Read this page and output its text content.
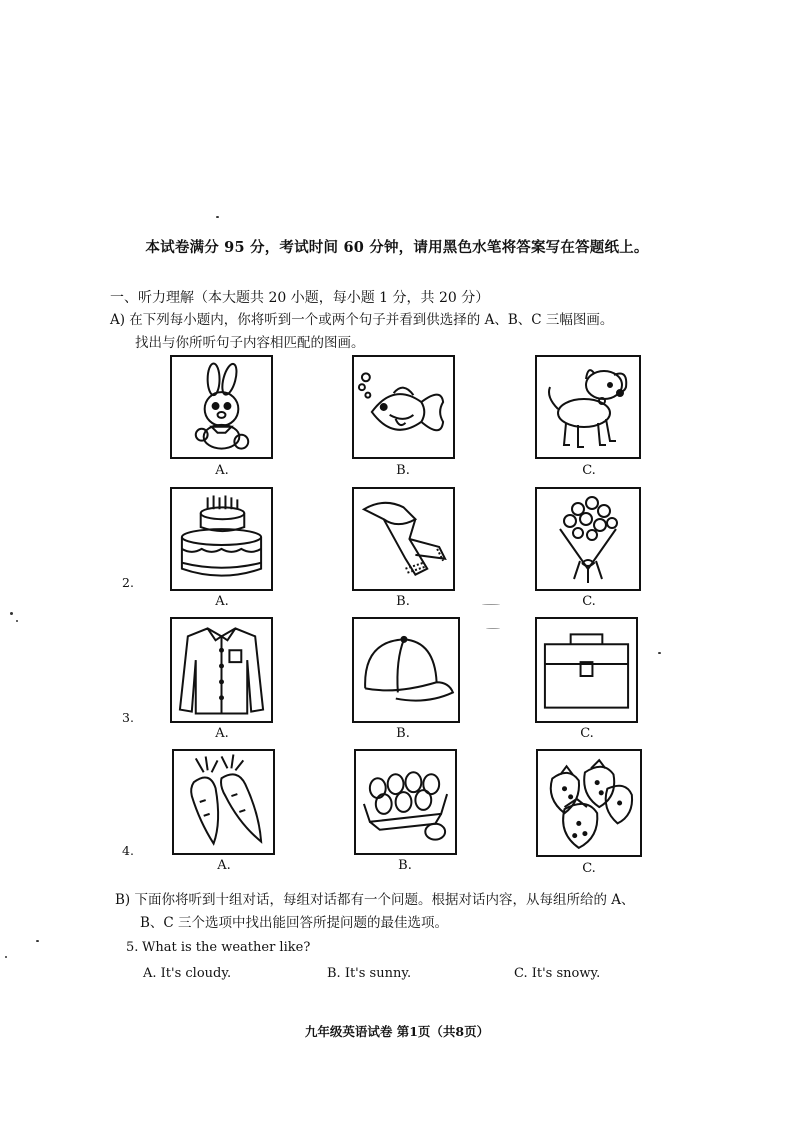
本试卷满分 95 分，考试时间 60 分钟，请用黑色水笔将答案写在答题纸上。
一、听力理解（本大题共 20 小题，每小题 1 分，共 20 分）
A) 在下列每小题内，你将听到一个或两个句子并看到供选择的 A、B、C 三幅图画。
找出与你所听句子内容相匹配的图画。
A.	B.	C.
2.
A.	B.	C.
3.
A.	B.	C.
4.
A.	B.	C.
B) 下面你将听到十组对话，每组对话都有一个问题。根据对话内容，从每组所给的 A、
B、C 三个选项中找出能回答所提问题的最佳选项。
5. What is the weather like?
A. It's cloudy.	B. It's sunny.	C. It's snowy.
九年级英语试卷 第1页（共8页）
